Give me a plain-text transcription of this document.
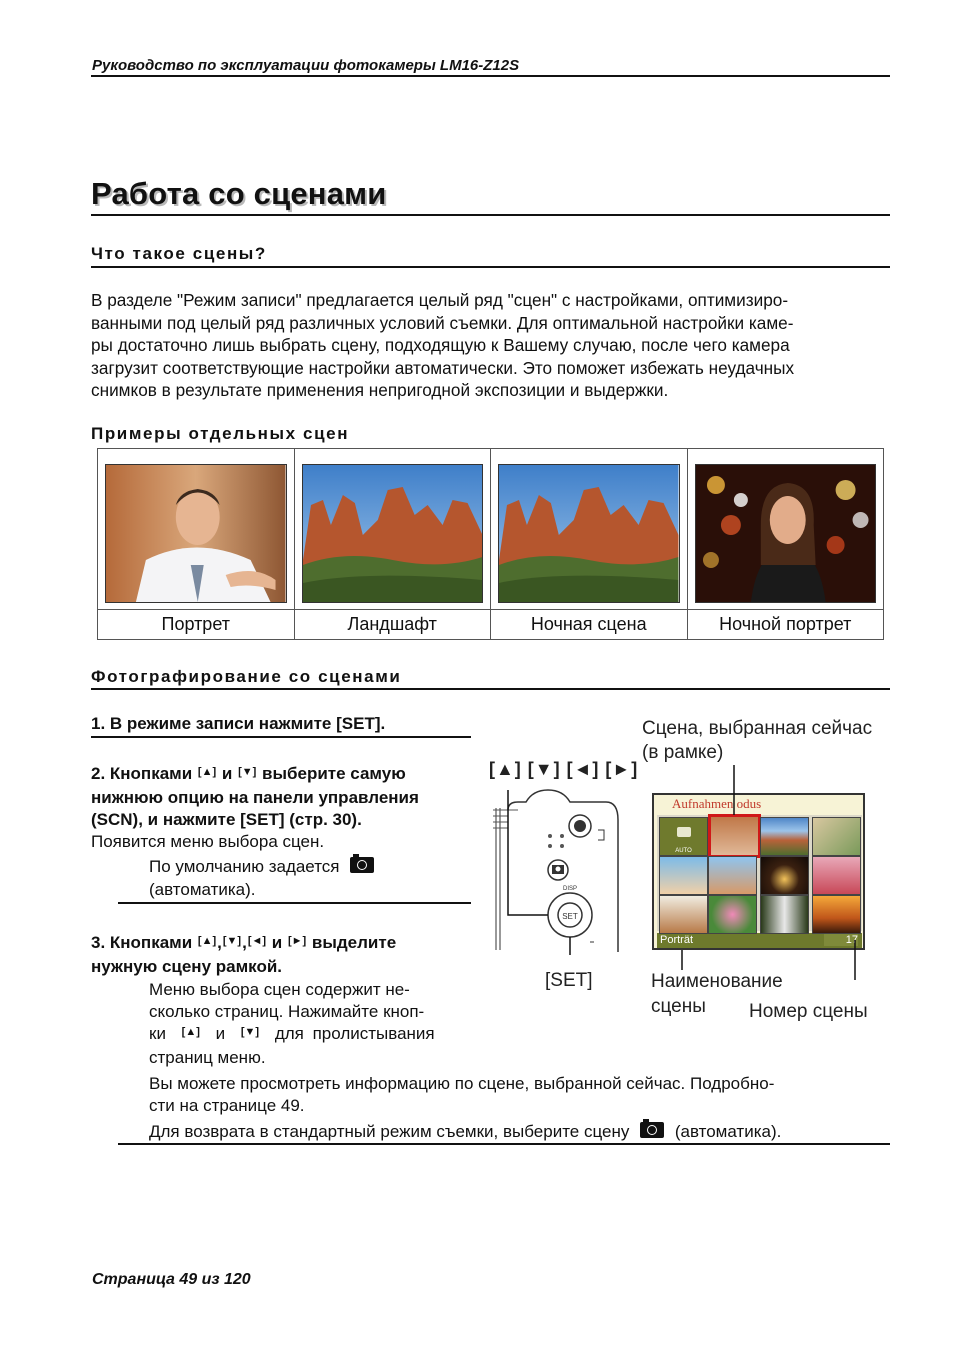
Руководство по эксплуатации фотокамеры LM16-Z12S
Работа со сценами
Что такое сцены?
В разделе "Режим записи" предлагается целый ряд "сцен" с настройками, оптимизиро-
ванными под целый ряд различных условий съемки. Для оптимальной настройки каме-
ры достаточно лишь выбрать сцену, подходящую к Вашему случаю, после чего камера
загрузит соответствующие настройки автоматически. Это поможет избежать неудачных
снимков в результате применения непригодной экспозиции и выдержки.
Примеры отдельных сцен
Портрет	Ландшафт	Ночная сцена	Ночной портрет
Фотографирование со сценами
1. В режиме записи нажмите [SET].
2. Кнопками [▲] и [▼] выберите самую
нижнюю опцию на панели управления
(SCN), и нажмите [SET] (стр. 30).
Появится меню выбора сцен.
По умолчанию задается
(автоматика).
3. Кнопками [▲],[▼],[◄] и [►] выделите
нужную сцену рамкой.
Меню выбора сцен содержит не-
сколько страниц. Нажимайте кноп-
ки [▲] и [▼] для пролистывания
страниц меню.
Вы можете просмотреть информацию по сцене, выбранной сейчас. Подробно-
сти на странице 49.
Для возврата в стандартный режим съемки, выберите сцену	(автоматика).
Сцена, выбранная сейчас
(в рамке)
[▲] [▼] [◄] [►]
[SET]	Наименование
сцены Номер сцены
SET
DISP
Aufnahmen odus
Porträt	17
AUTO
Страница 49 из 120
